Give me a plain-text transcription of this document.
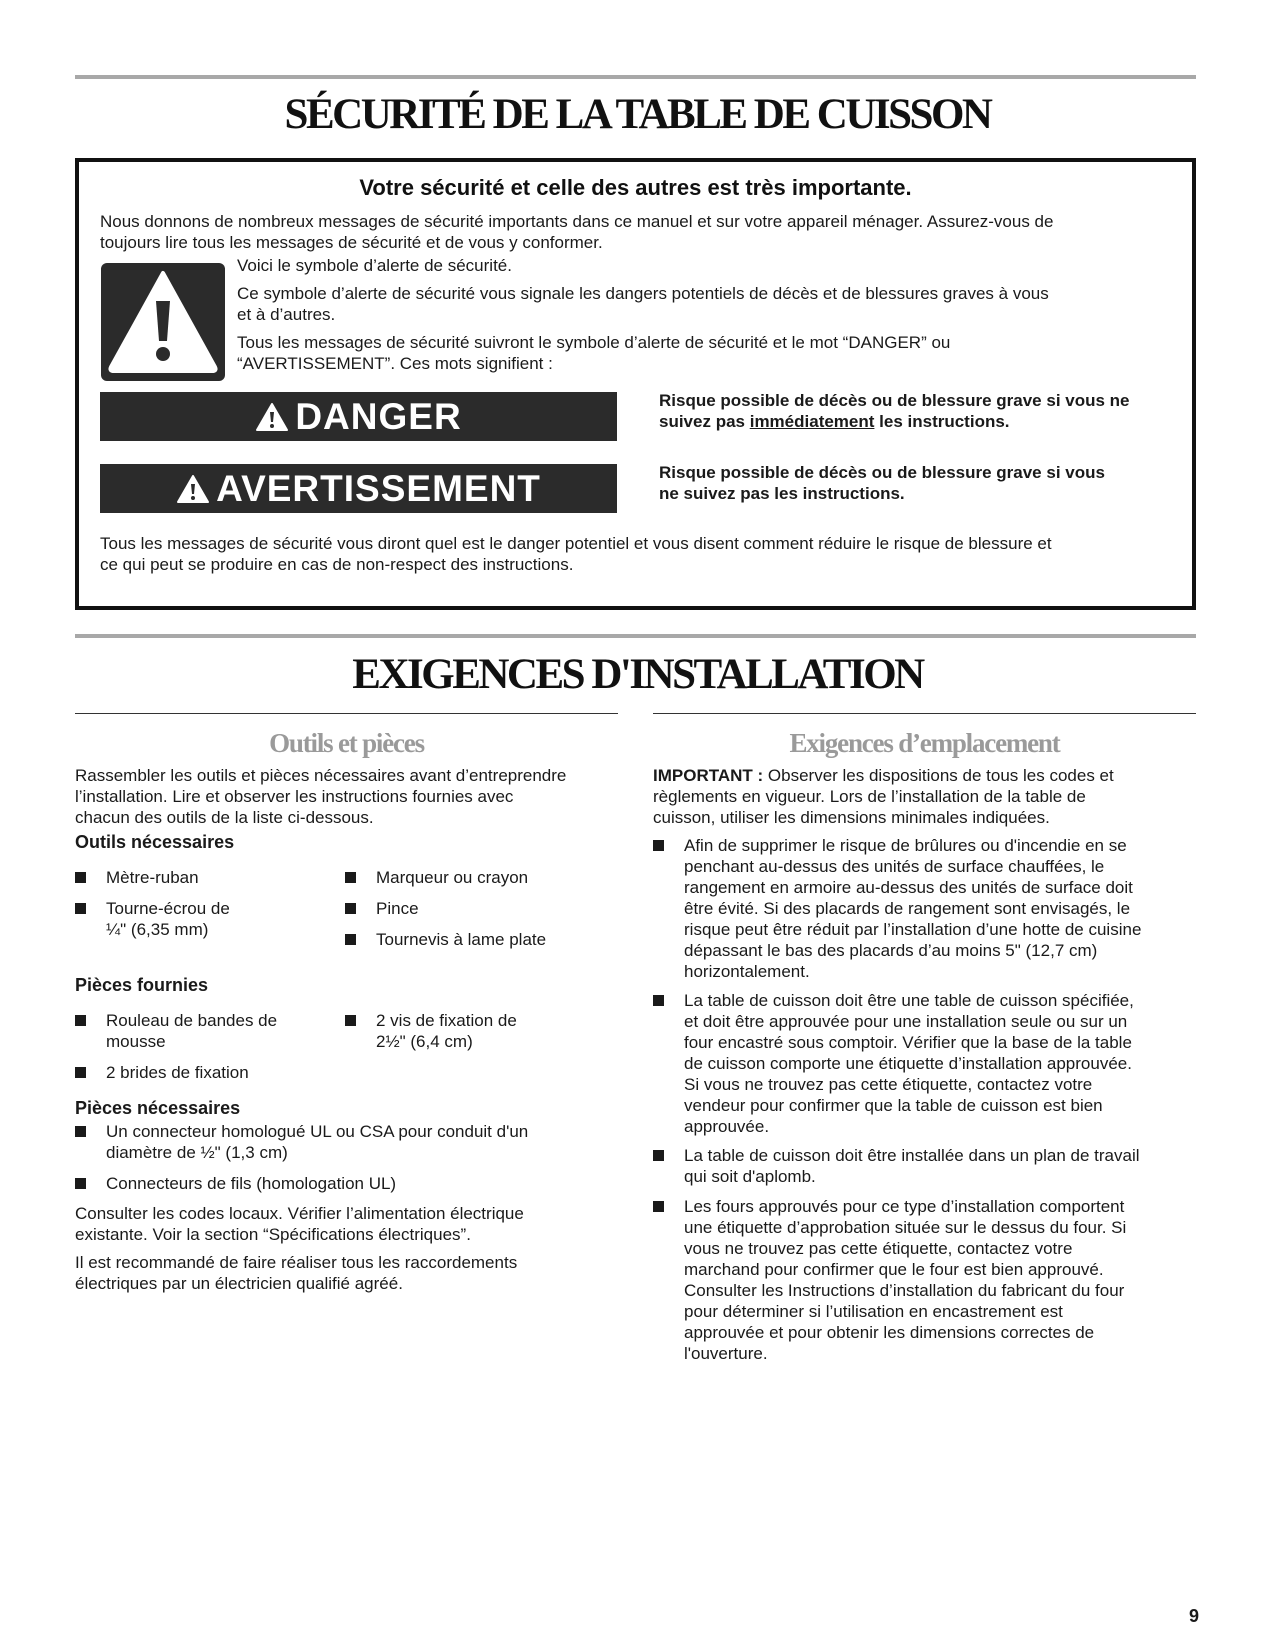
SÉCURITÉ DE LA TABLE DE CUISSON
Votre sécurité et celle des autres est très importante.

Nous donnons de nombreux messages de sécurité importants dans ce manuel et sur votre appareil ménager. Assurez-vous de

toujours lire tous les messages de sécurité et de vous y conformer.

Voici le symbole d’alerte de sécurité.

Ce symbole d’alerte de sécurité vous signale les dangers potentiels de décès et de blessures graves à vous

et à d’autres.

Tous les messages de sécurité suivront le symbole d’alerte de sécurité et le mot “DANGER” ou

“AVERTISSEMENT”. Ces mots signifient :

DANGER	Risque possible de décès ou de blessure grave si vous ne

suivez pas immédiatement les instructions.

AVERTISSEMENT	Risque possible de décès ou de blessure grave si vous

ne suivez pas les instructions.

Tous les messages de sécurité vous diront quel est le danger potentiel et vous disent comment réduire le risque de blessure et

ce qui peut se produire en cas de non-respect des instructions.

EXIGENCES D'INSTALLATION
Outils et pièces

Rassembler les outils et pièces nécessaires avant d’entreprendre

l’installation. Lire et observer les instructions fournies avec

chacun des outils de la liste ci-dessous.

Outils nécessaires

Mètre-ruban
Tourne-écrou de
¼" (6,35 mm)
Marqueur ou crayon
Pince
Tournevis à lame plate

Pièces fournies

Rouleau de bandes de
mousse
2 brides de fixation
2 vis de fixation de
2½" (6,4 cm)

Pièces nécessaires

Un connecteur homologué UL ou CSA pour conduit d'un
diamètre de ½" (1,3 cm)
Connecteurs de fils (homologation UL)

Consulter les codes locaux. Vérifier l’alimentation électrique

existante. Voir la section “Spécifications électriques”.

Il est recommandé de faire réaliser tous les raccordements

électriques par un électricien qualifié agréé.

Exigences d’emplacement

IMPORTANT : Observer les dispositions de tous les codes et

règlements en vigueur. Lors de l’installation de la table de

cuisson, utiliser les dimensions minimales indiquées.

Afin de supprimer le risque de brûlures ou d'incendie en se
penchant au-dessus des unités de surface chauffées, le
rangement en armoire au-dessus des unités de surface doit
être évité. Si des placards de rangement sont envisagés, le
risque peut être réduit par l’installation d’une hotte de cuisine
dépassant le bas des placards d’au moins 5" (12,7 cm)
horizontalement.
La table de cuisson doit être une table de cuisson spécifiée,
et doit être approuvée pour une installation seule ou sur un
four encastré sous comptoir. Vérifier que la base de la table
de cuisson comporte une étiquette d’installation approuvée.
Si vous ne trouvez pas cette étiquette, contactez votre
vendeur pour confirmer que la table de cuisson est bien
approuvée.
La table de cuisson doit être installée dans un plan de travail
qui soit d'aplomb.
Les fours approuvés pour ce type d’installation comportent
une étiquette d’approbation située sur le dessus du four. Si
vous ne trouvez pas cette étiquette, contactez votre
marchand pour confirmer que le four est bien approuvé.
Consulter les Instructions d’installation du fabricant du four
pour déterminer si l’utilisation en encastrement est
approuvée et pour obtenir les dimensions correctes de
l'ouverture.
9
